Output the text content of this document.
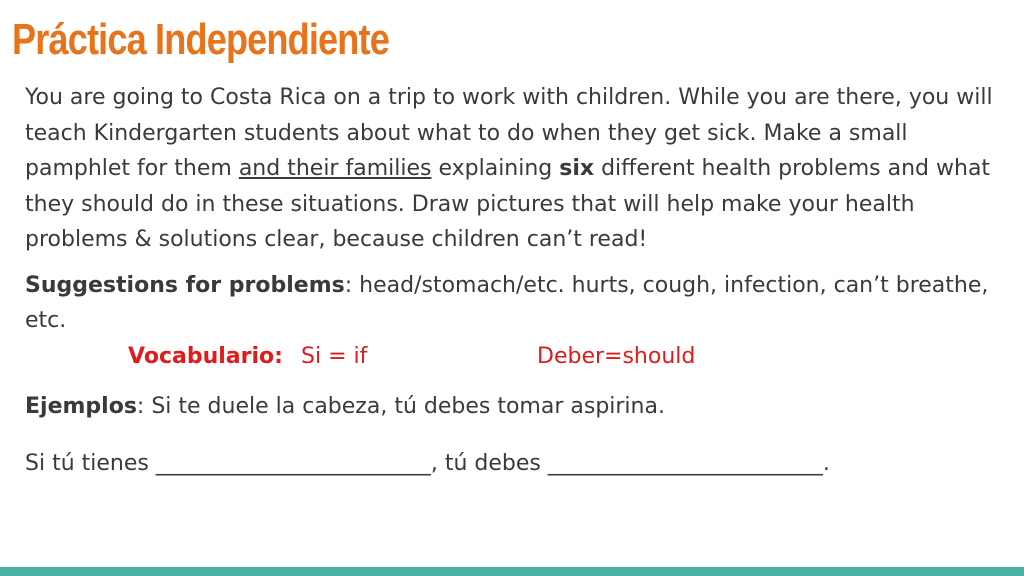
Práctica Independiente

You are going to Costa Rica on a trip to work with children. While you are there, you will teach Kindergarten students about what to do when they get sick. Make a small pamphlet for them and their families explaining six different health problems and what they should do in these situations. Draw pictures that will help make your health problems & solutions clear, because children can’t read!

Suggestions for problems: head/stomach/etc. hurts, cough, infection, can’t breathe, etc.

Vocabulario: Si = if	Deber=should

Ejemplos: Si te duele la cabeza, tú debes tomar aspirina.

Si tú tienes _________________________, tú debes _________________________.
